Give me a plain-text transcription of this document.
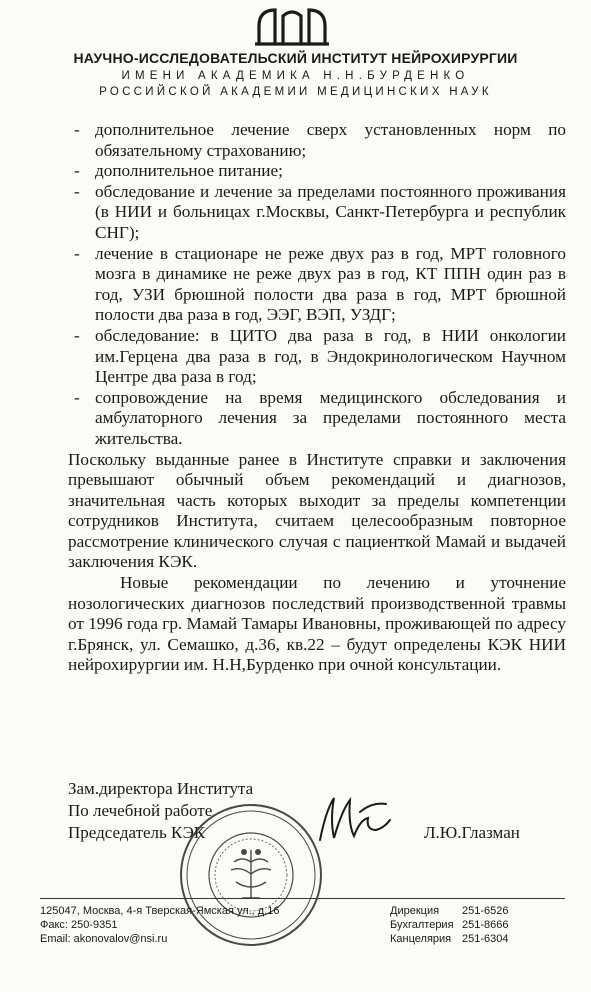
НАУЧНО-ИССЛЕДОВАТЕЛЬСКИЙ ИНСТИТУТ НЕЙРОХИРУРГИИ
ИМЕНИ АКАДЕМИКА Н.Н.БУРДЕНКО
РОССИЙСКОЙ АКАДЕМИИ МЕДИЦИНСКИХ НАУК
- дополнительное лечение сверх установленных норм по обязательному страхованию;
- дополнительное питание;
- обследование и лечение за пределами постоянного проживания (в НИИ и больницах г.Москвы, Санкт-Петербурга и республик СНГ);
- лечение в стационаре не реже двух раз в год, МРТ головного мозга в динамике не реже двух раз в год, КТ ППН один раз в год, УЗИ брюшной полости два раза в год, МРТ брюшной полости два раза в год, ЭЭГ, ВЭП, УЗДГ;
- обследование: в ЦИТО два раза в год, в НИИ онкологии им.Герцена два раза в год, в Эндокринологическом Научном Центре два раза в год;
- сопровождение на время медицинского обследования и амбулаторного лечения за пределами постоянного места жительства.
Поскольку выданные ранее в Институте справки и заключения превышают обычный объем рекомендаций и диагнозов, значительная часть которых выходит за пределы компетенции сотрудников Института, считаем целесообразным повторное рассмотрение клинического случая с пациенткой Мамай и выдачей заключения КЭК.
Новые рекомендации по лечению и уточнение нозологических диагнозов последствий производственной травмы от 1996 года гр. Мамай Тамары Ивановны, проживающей по адресу г.Брянск, ул. Семашко, д.36, кв.22 – будут определены КЭК НИИ нейрохирургии им. Н.Н,Бурденко при очной консультации.
Зам.директора Института
По лечебной работе
Председатель КЭК	Л.Ю.Глазман
125047, Москва, 4-я Тверская-Ямская ул., д.16
Факс: 250-9351
Email: akonovalov@nsi.ru
Дирекция	251-6526
Бухгалтерия 251-8666
Канцелярия 251-6304
